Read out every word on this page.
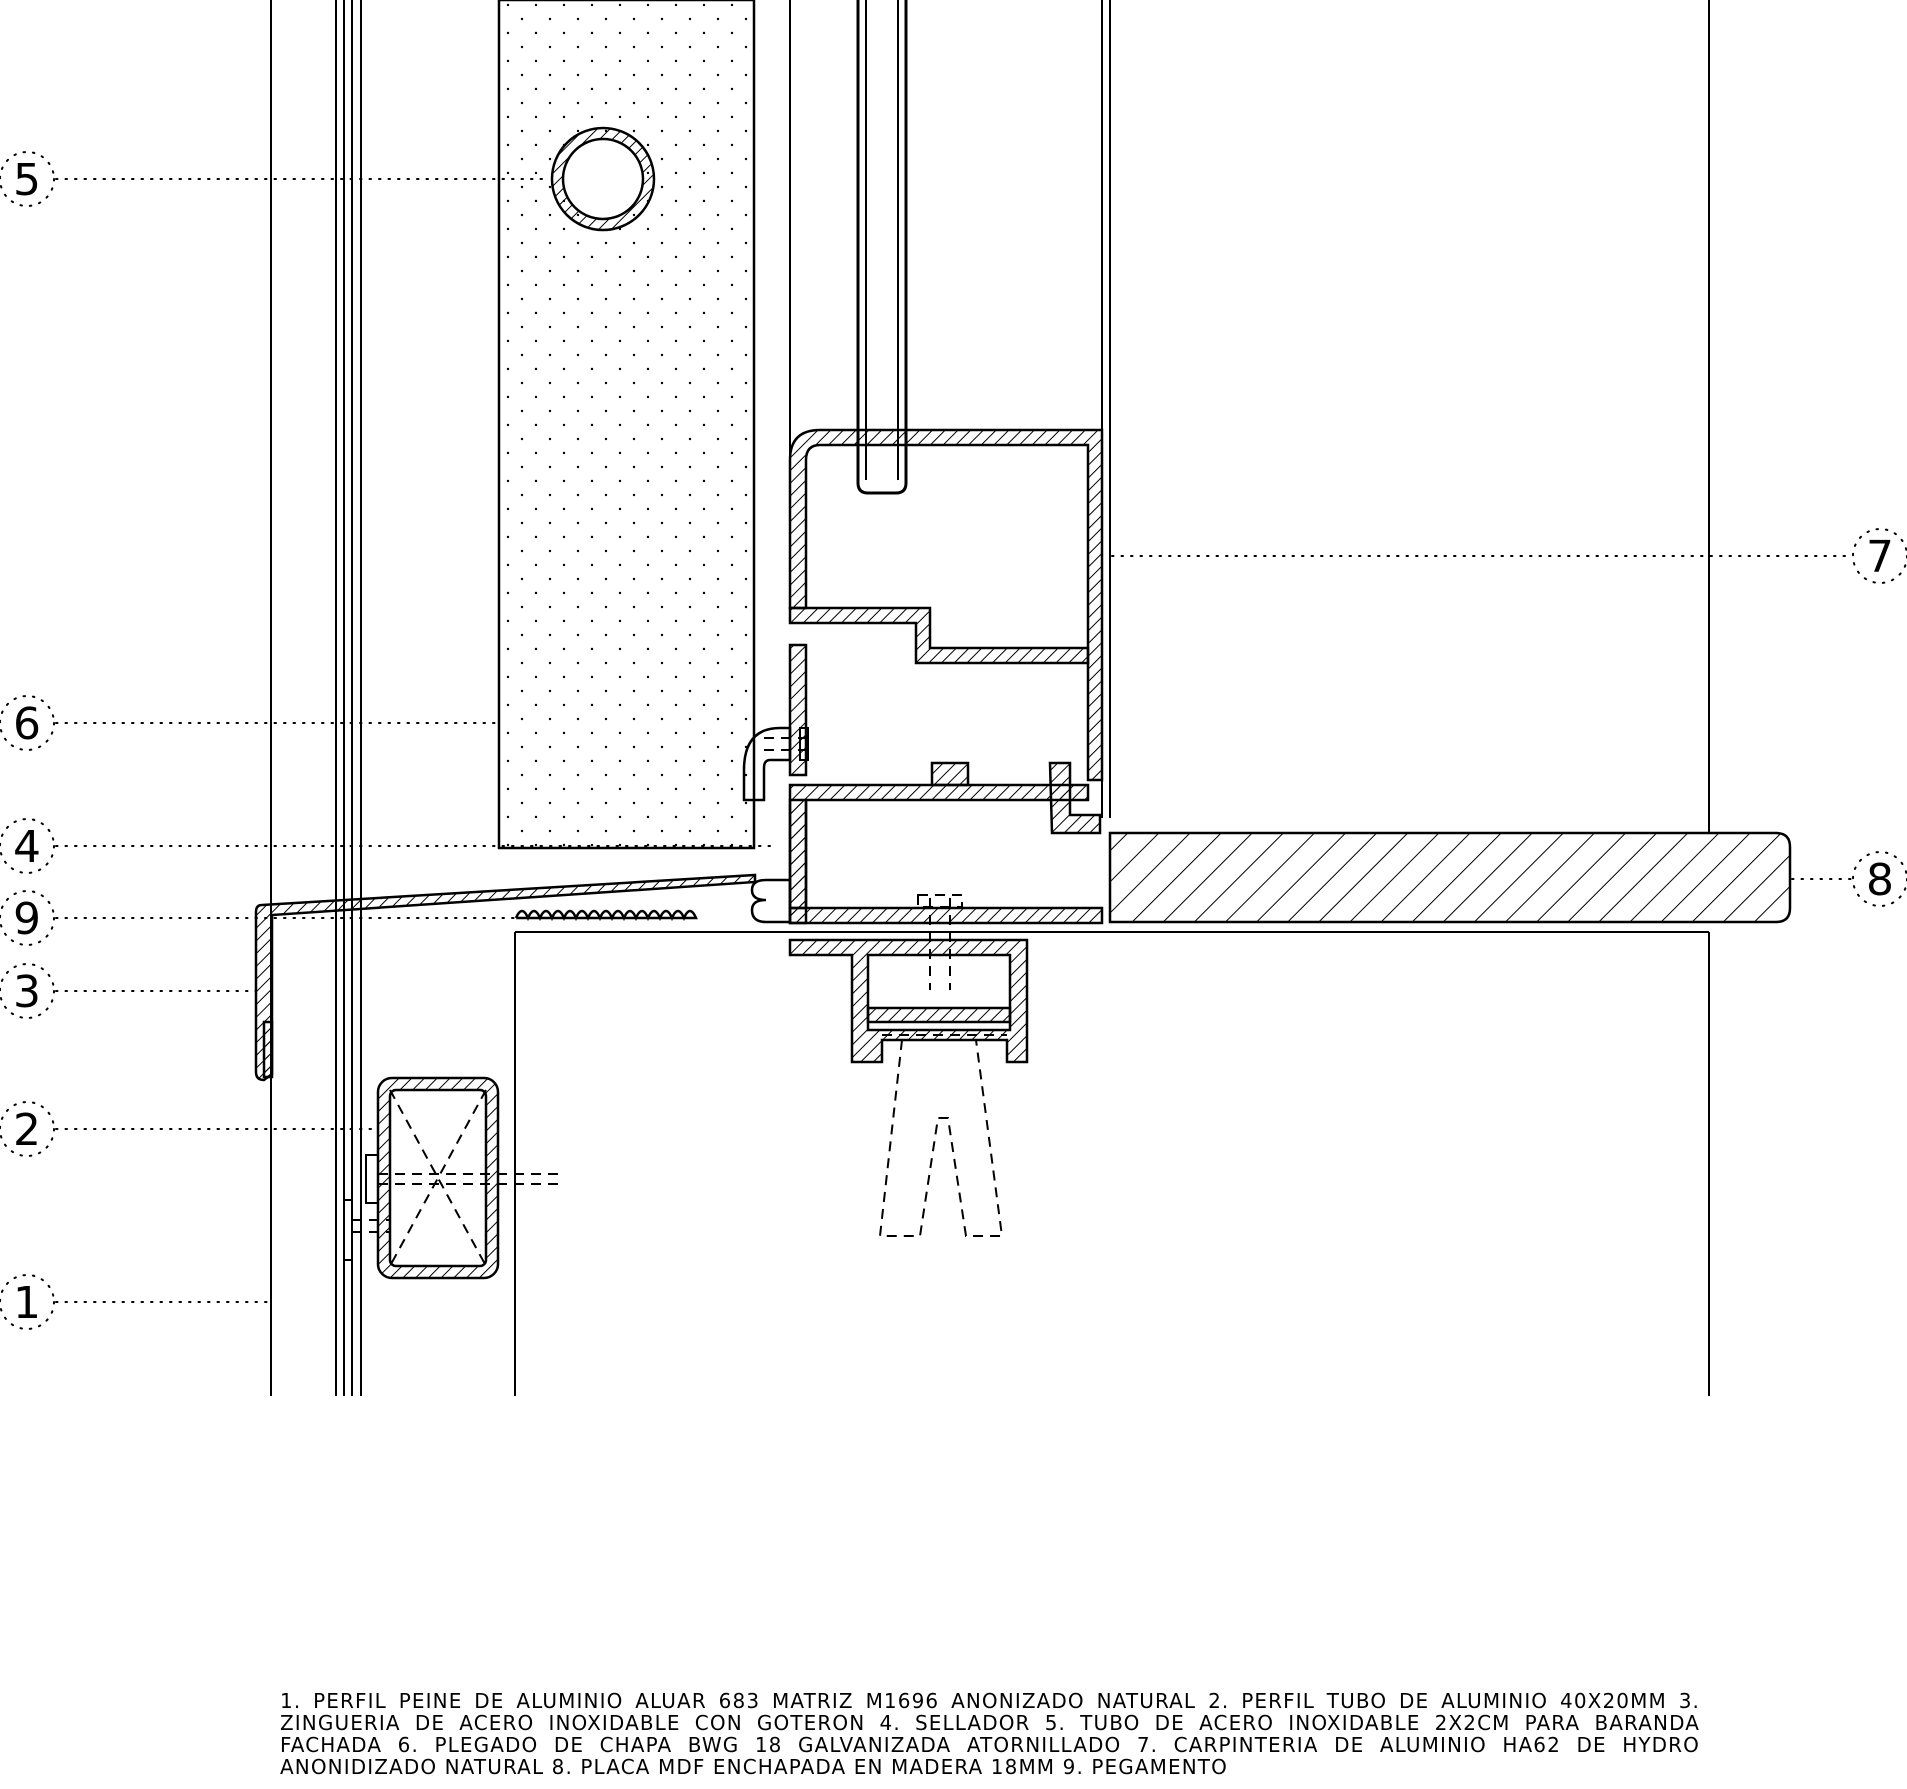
5
6
4
9
3
2
1
7
8
1. PERFIL PEINE DE ALUMINIO ALUAR 683 MATRIZ M1696 ANONIZADO NATURAL 2. PERFIL TUBO DE ALUMINIO 40X20MM 3. ZINGUERIA DE ACERO INOXIDABLE CON GOTERON 4. SELLADOR 5. TUBO DE ACERO INOXIDABLE 2X2CM PARA BARANDA FACHADA 6. PLEGADO DE CHAPA BWG 18 GALVANIZADA ATORNILLADO 7. CARPINTERIA DE ALUMINIO HA62 DE HYDRO ANONIDIZADO NATURAL 8. PLACA MDF ENCHAPADA EN MADERA 18MM 9. PEGAMENTO
